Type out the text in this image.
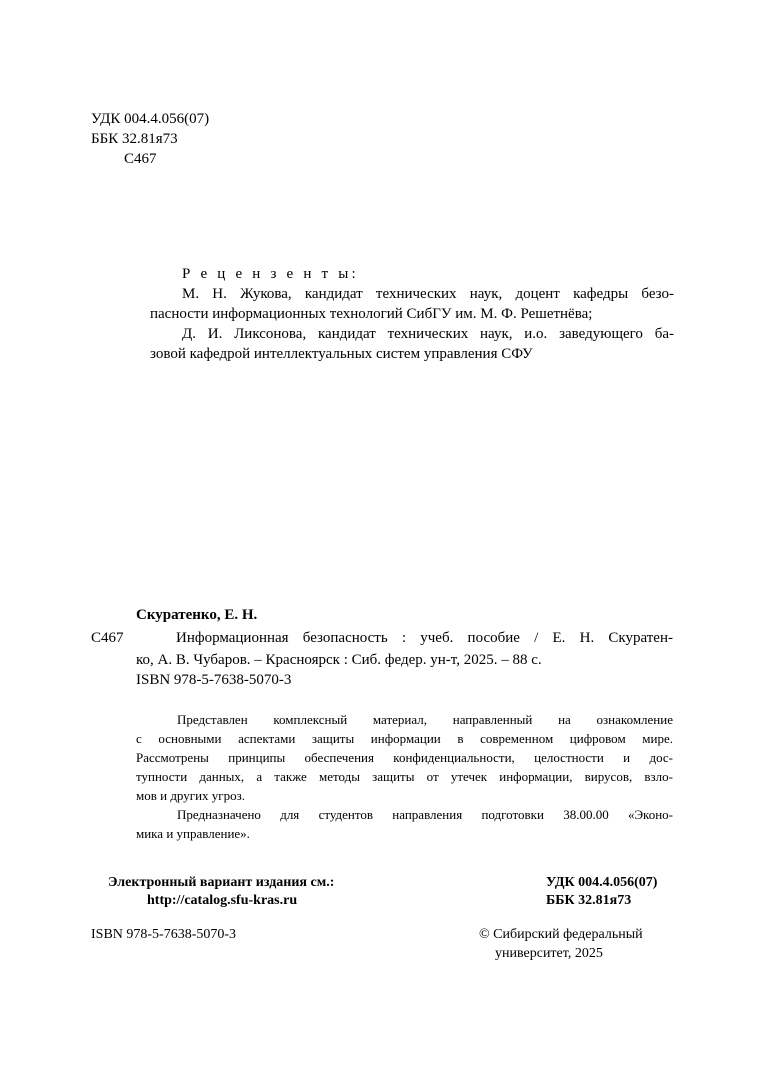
УДК 004.4.056(07)
ББК 32.81я73
С467
Р е ц е н з е н т ы:
М. Н. Жукова, кандидат технических наук, доцент кафедры безо-
пасности информационных технологий СибГУ им. М. Ф. Решетнёва;
Д. И. Ликсонова, кандидат технических наук, и.о. заведующего ба-
зовой кафедрой интеллектуальных систем управления СФУ
Скуратенко, Е. Н.
С467	Информационная безопасность : учеб. пособие / Е. Н. Скуратен-
ко, А. В. Чубаров. – Красноярск : Сиб. федер. ун-т, 2025. – 88 с.
ISBN 978-5-7638-5070-3
Представлен комплексный материал, направленный на ознакомление
с основными аспектами защиты информации в современном цифровом мире.
Рассмотрены принципы обеспечения конфиденциальности, целостности и дос-
тупности данных, а также методы защиты от утечек информации, вирусов, взло-
мов и других угроз.
Предназначено для студентов направления подготовки 38.00.00 «Эконо-
мика и управление».
Электронный вариант издания см.:
http://catalog.sfu-kras.ru
УДК 004.4.056(07)
ББК 32.81я73
ISBN 978-5-7638-5070-3	© Сибирский федеральный
университет, 2025
